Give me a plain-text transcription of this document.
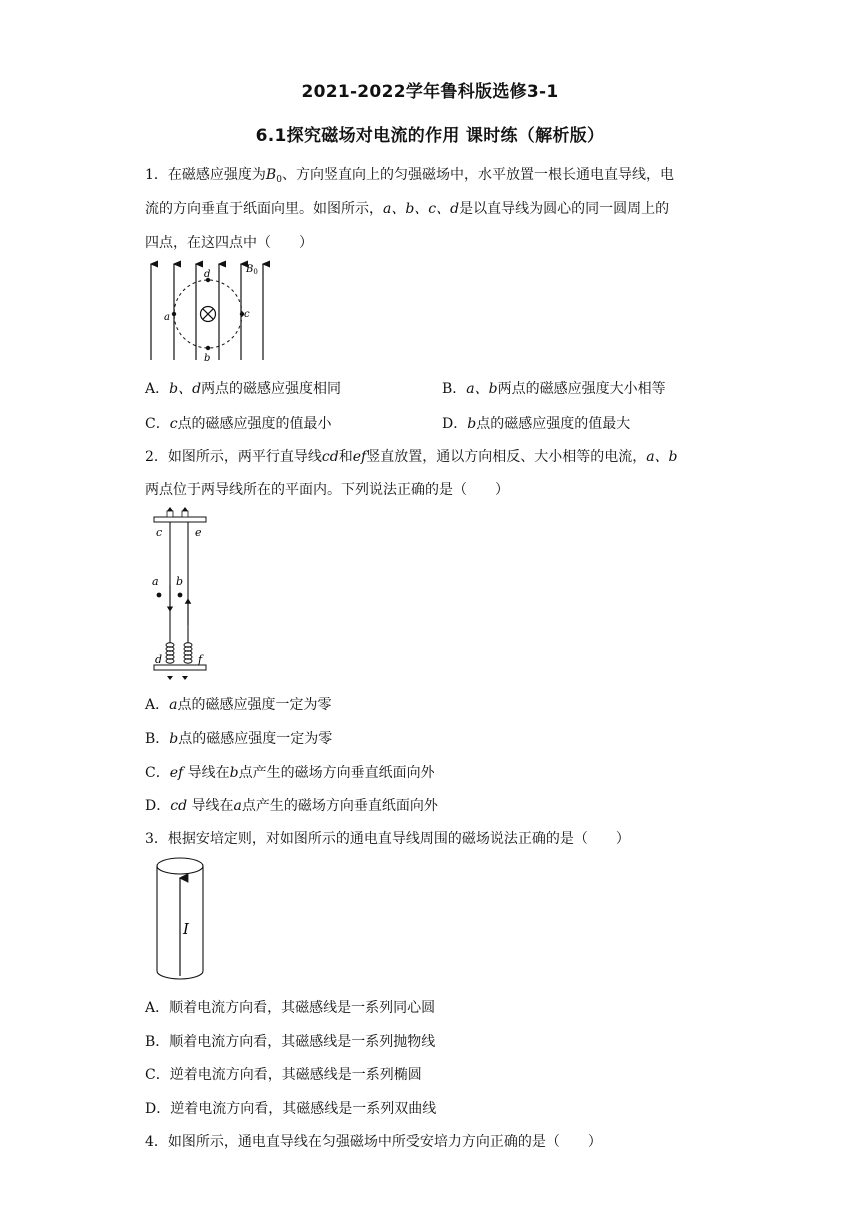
2021-2022学年鲁科版选修3-1
6.1探究磁场对电流的作用 课时练（解析版）
1．在磁感应强度为$B_0$、方向竖直向上的匀强磁场中，水平放置一根长通电直导线，电
流的方向垂直于纸面向里。如图所示，a、b、c、d是以直导线为圆心的同一圆周上的
四点，在这四点中（　　）
a	c
d
b
$B_0$
A．b、d两点的磁感应强度相同	B．a、b两点的磁感应强度大小相等
C．c点的磁感应强度的值最小	D．b点的磁感应强度的值最大
2．如图所示，两平行直导线cd和ef竖直放置，通以方向相反、大小相等的电流，a、b
两点位于两导线所在的平面内。下列说法正确的是（　　）
c	e
a b
d	f
A．a点的磁感应强度一定为零
B．b点的磁感应强度一定为零
C．ef 导线在b点产生的磁场方向垂直纸面向外
D．cd 导线在a点产生的磁场方向垂直纸面向外
3．根据安培定则，对如图所示的通电直导线周围的磁场说法正确的是（　　）
I
A．顺着电流方向看，其磁感线是一系列同心圆
B．顺着电流方向看，其磁感线是一系列抛物线
C．逆着电流方向看，其磁感线是一系列椭圆
D．逆着电流方向看，其磁感线是一系列双曲线
4．如图所示，通电直导线在匀强磁场中所受安培力方向正确的是（　　）
